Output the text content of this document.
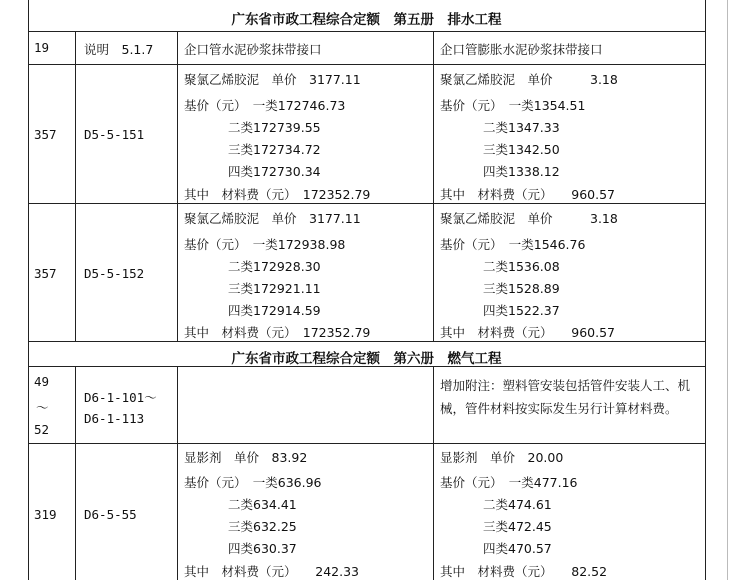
广东省市政工程综合定额　第五册　排水工程
19	说明　5.1.7 企口管水泥砂浆抹带接口	企口管膨胀水泥砂浆抹带接口
357 D5-5-151
聚氯乙烯胶泥　单价　3177.11
基价（元）　一类172746.73
二类172739.55
三类172734.72
四类172730.34
其中　材料费（元）　172352.79
聚氯乙烯胶泥　单价　　　3.18
基价（元）　一类1354.51
二类1347.33
三类1342.50
四类1338.12
其中　材料费（元）　　960.57
357 D5-5-152
聚氯乙烯胶泥　单价　3177.11
基价（元）　一类172938.98
二类172928.30
三类172921.11
四类172914.59
其中　材料费（元）　172352.79
聚氯乙烯胶泥　单价　　　3.18
基价（元）　一类1546.76
二类1536.08
三类1528.89
四类1522.37
其中　材料费（元）　　960.57
广东省市政工程综合定额　第六册　燃气工程
49
～
52
D6-1-101～
D6-1-113
增加附注：塑料管安装包括管件安装人工、机械，管件材料按实际发生另行计算材料费。
319 D6-5-55
显影剂　单价　83.92
基价（元）　一类636.96
二类634.41
三类632.25
四类630.37
其中　材料费（元）　　242.33
显影剂　单价　20.00
基价（元）　一类477.16
二类474.61
三类472.45
四类470.57
其中　材料费（元）　　82.52
